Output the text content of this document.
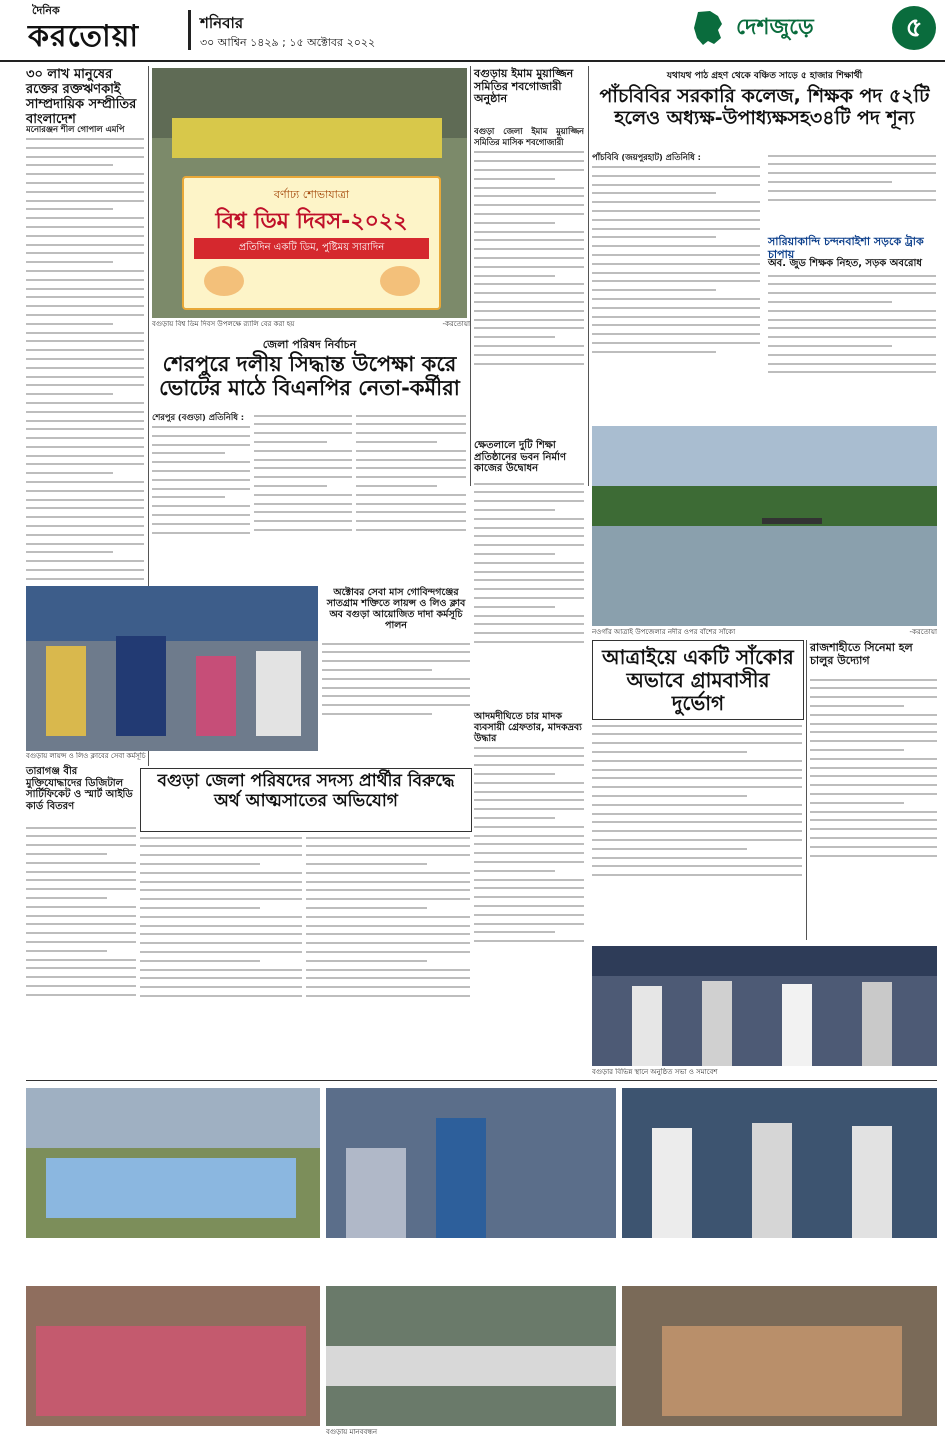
দৈনিক
করতোয়া	শনিবার
৩০ আশ্বিন ১৪২৯ ; ১৫ অক্টোবর ২০২২
দেশজুড়ে	৫
৩০ লাখ মানুষের রক্তের রক্তঋণকাই সাম্প্রদায়িক সম্প্রীতির বাংলাদেশ
মনোরঞ্জন শীল গোপাল এমপি
বর্ণাঢ্য শোভাযাত্রা
বিশ্ব ডিম দিবস-২০২২
প্রতিদিন একটি ডিম, পুষ্টিময় সারাদিন
বগুড়ায় বিশ্ব ডিম দিবস উপলক্ষে র‍্যালি বের করা হয়	-করতোয়া
বগুড়ায় ইমাম মুয়াজ্জিন সমিতির শবগোজারী অনুষ্ঠান
বগুড়া জেলা ইমাম মুয়াজ্জিন সমিতির মাসিক শবগোজারী
যথাযথ পাঠ গ্রহণ থেকে বঞ্চিত সাড়ে ৫ হাজার শিক্ষার্থী
পাঁচবিবির সরকারি কলেজ, শিক্ষক পদ ৫২টি হলেও অধ্যক্ষ-উপাধ্যক্ষসহ৩৪টি পদ শূন্য
পাঁচবিবি (জয়পুরহাট) প্রতিনিধি :
সারিয়াকান্দি চন্দনবাইশা সড়কে ট্রাক চাপায়
অব. জুড শিক্ষক নিহত, সড়ক অবরোধ
নওগাঁর আত্রাই উপজেলার নদীর ওপর বাঁশের সাঁকো	-করতোয়া
জেলা পরিষদ নির্বাচন
শেরপুরে দলীয় সিদ্ধান্ত উপেক্ষা করে ভোটের মাঠে বিএনপির নেতা-কর্মীরা
শেরপুর (বগুড়া) প্রতিনিধি :
ক্ষেতলালে দুটি শিক্ষা প্রতিষ্ঠানের ভবন নির্মাণ কাজের উদ্বোধন
বগুড়ায় লায়ন্স ও লিও ক্লাবের সেবা কর্মসূচি
অক্টোবর সেবা মাস গোবিন্দগঞ্জের সাতগ্রাম শক্তিতে লায়ন্স ও লিও ক্লাব অব বগুড়া আয়োজিত দাদা কর্মসূচি পালন
আদমদীঘিতে চার মাদক ব্যবসায়ী গ্রেফতার, মাদকদ্রব্য উদ্ধার
আত্রাইয়ে একটি সাঁকোর অভাবে গ্রামবাসীর দুর্ভোগ
রাজশাহীতে সিনেমা হল চালুর উদ্যোগ
তারাগঞ্জ বীর মুক্তিযোদ্ধাদের ডিজিটাল সার্টিফিকেট ও স্মার্ট আইডি কার্ড বিতরণ
বগুড়া জেলা পরিষদের সদস্য প্রার্থীর বিরুদ্ধে অর্থ আত্মসাতের অভিযোগ
বগুড়ার বিভিন্ন স্থানে অনুষ্ঠিত সভা ও সমাবেশ
বগুড়ায় মানববন্ধন
